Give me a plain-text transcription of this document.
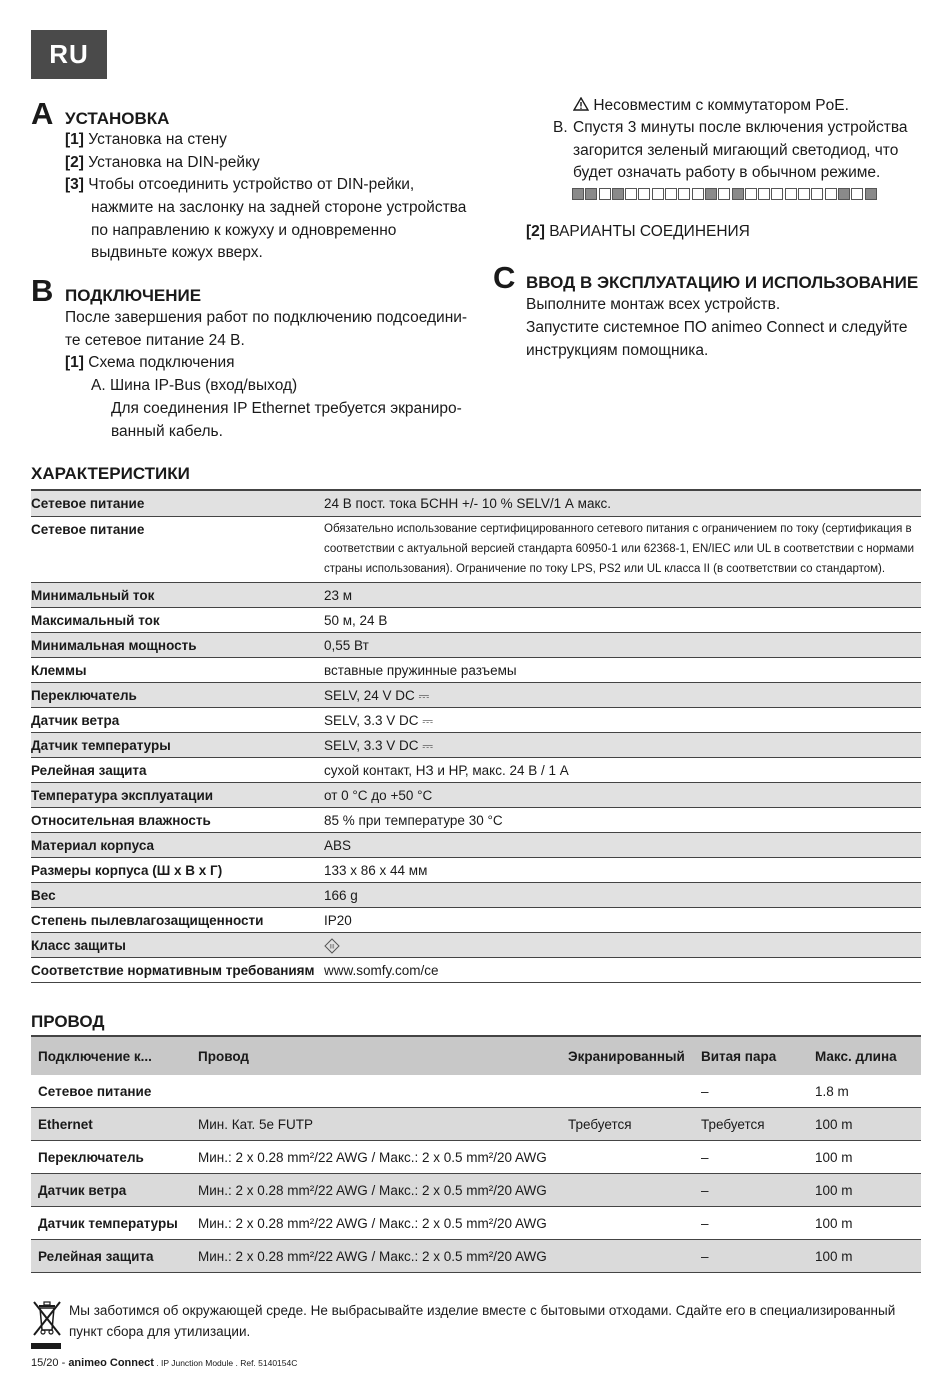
RU
A УСТАНОВКА
[1] Установка на стену
[2] Установка на DIN-рейку
[3] Чтобы отсоединить устройство от DIN-рейки,
нажмите на заслонку на задней стороне устройства
по направлению к кожуху и одновременно
выдвиньте кожух вверх.
B ПОДКЛЮЧЕНИЕ
После завершения работ по подключению подсоедини-
те сетевое питание 24 В.
[1] Схема подключения
A. Шина IP-Bus (вход/выход)
Для соединения IP Ethernet требуется экраниро-
ванный кабель.
Несовместим с коммутатором PoE.
B. Спустя 3 минуты после включения устройства
загорится зеленый мигающий светодиод, что
будет означать работу в обычном режиме.
[2] ВАРИАНТЫ СОЕДИНЕНИЯ
C ВВОД В ЭКСПЛУАТАЦИЮ И ИСПОЛЬЗОВАНИЕ
Выполните монтаж всех устройств.
Запустите системное ПО animeo Connect и следуйте
инструкциям помощника.
ХАРАКТЕРИСТИКИ
Сетевое питание	24 В пост. тока БСНН +/- 10 % SELV/1 А макс.
Сетевое питание	Обязательно использование сертифицированного сетевого питания с ограничением по току (сертификация в соответствии с актуальной версией стандарта 60950-1 или 62368-1, EN/IEC или UL в соответствии с нормами страны использования). Ограничение по току LPS, PS2 или UL класса II (в соответствии со стандартом).
Минимальный ток	23 м
Максимальный ток	50 м, 24 В
Минимальная мощность	0,55 Вт
Клеммы	вставные пружинные разъемы
Переключатель	SELV, 24 V DC ⎓
Датчик ветра	SELV, 3.3 V DC ⎓
Датчик температуры	SELV, 3.3 V DC ⎓
Релейная защита	сухой контакт, НЗ и НР, макс. 24 В / 1 А
Температура эксплуатации	от 0 °C до +50 °C
Относительная влажность	85 % при температуре 30 °C
Материал корпуса	ABS
Размеры корпуса (Ш x В x Г)	133 x 86 x 44 мм
Вес	166 g
Степень пылевлагозащищенности	IP20
Класс защиты	III

Соответствие нормативным требованиям	www.somfy.com/ce
ПРОВОД
Подключение к...	Провод	Экранированный	Витая пара	Макс. длина
Сетевое питание			–	1.8 m
Ethernet	Мин. Кат. 5e FUTP	Требуется	Требуется	100 m
Переключатель	Мин.: 2 x 0.28 mm²/22 AWG / Макс.: 2 x 0.5 mm²/20 AWG		–	100 m
Датчик ветра	Мин.: 2 x 0.28 mm²/22 AWG / Макс.: 2 x 0.5 mm²/20 AWG		–	100 m
Датчик температуры	Мин.: 2 x 0.28 mm²/22 AWG / Макс.: 2 x 0.5 mm²/20 AWG		–	100 m
Релейная защита	Мин.: 2 x 0.28 mm²/22 AWG / Макс.: 2 x 0.5 mm²/20 AWG		–	100 m
Мы заботимся об окружающей среде. Не выбрасывайте изделие вместе с бытовыми отходами. Сдайте его в специализированный пункт сбора для утилизации.
15/20 - animeo Connect . IP Junction Module . Ref. 5140154C
